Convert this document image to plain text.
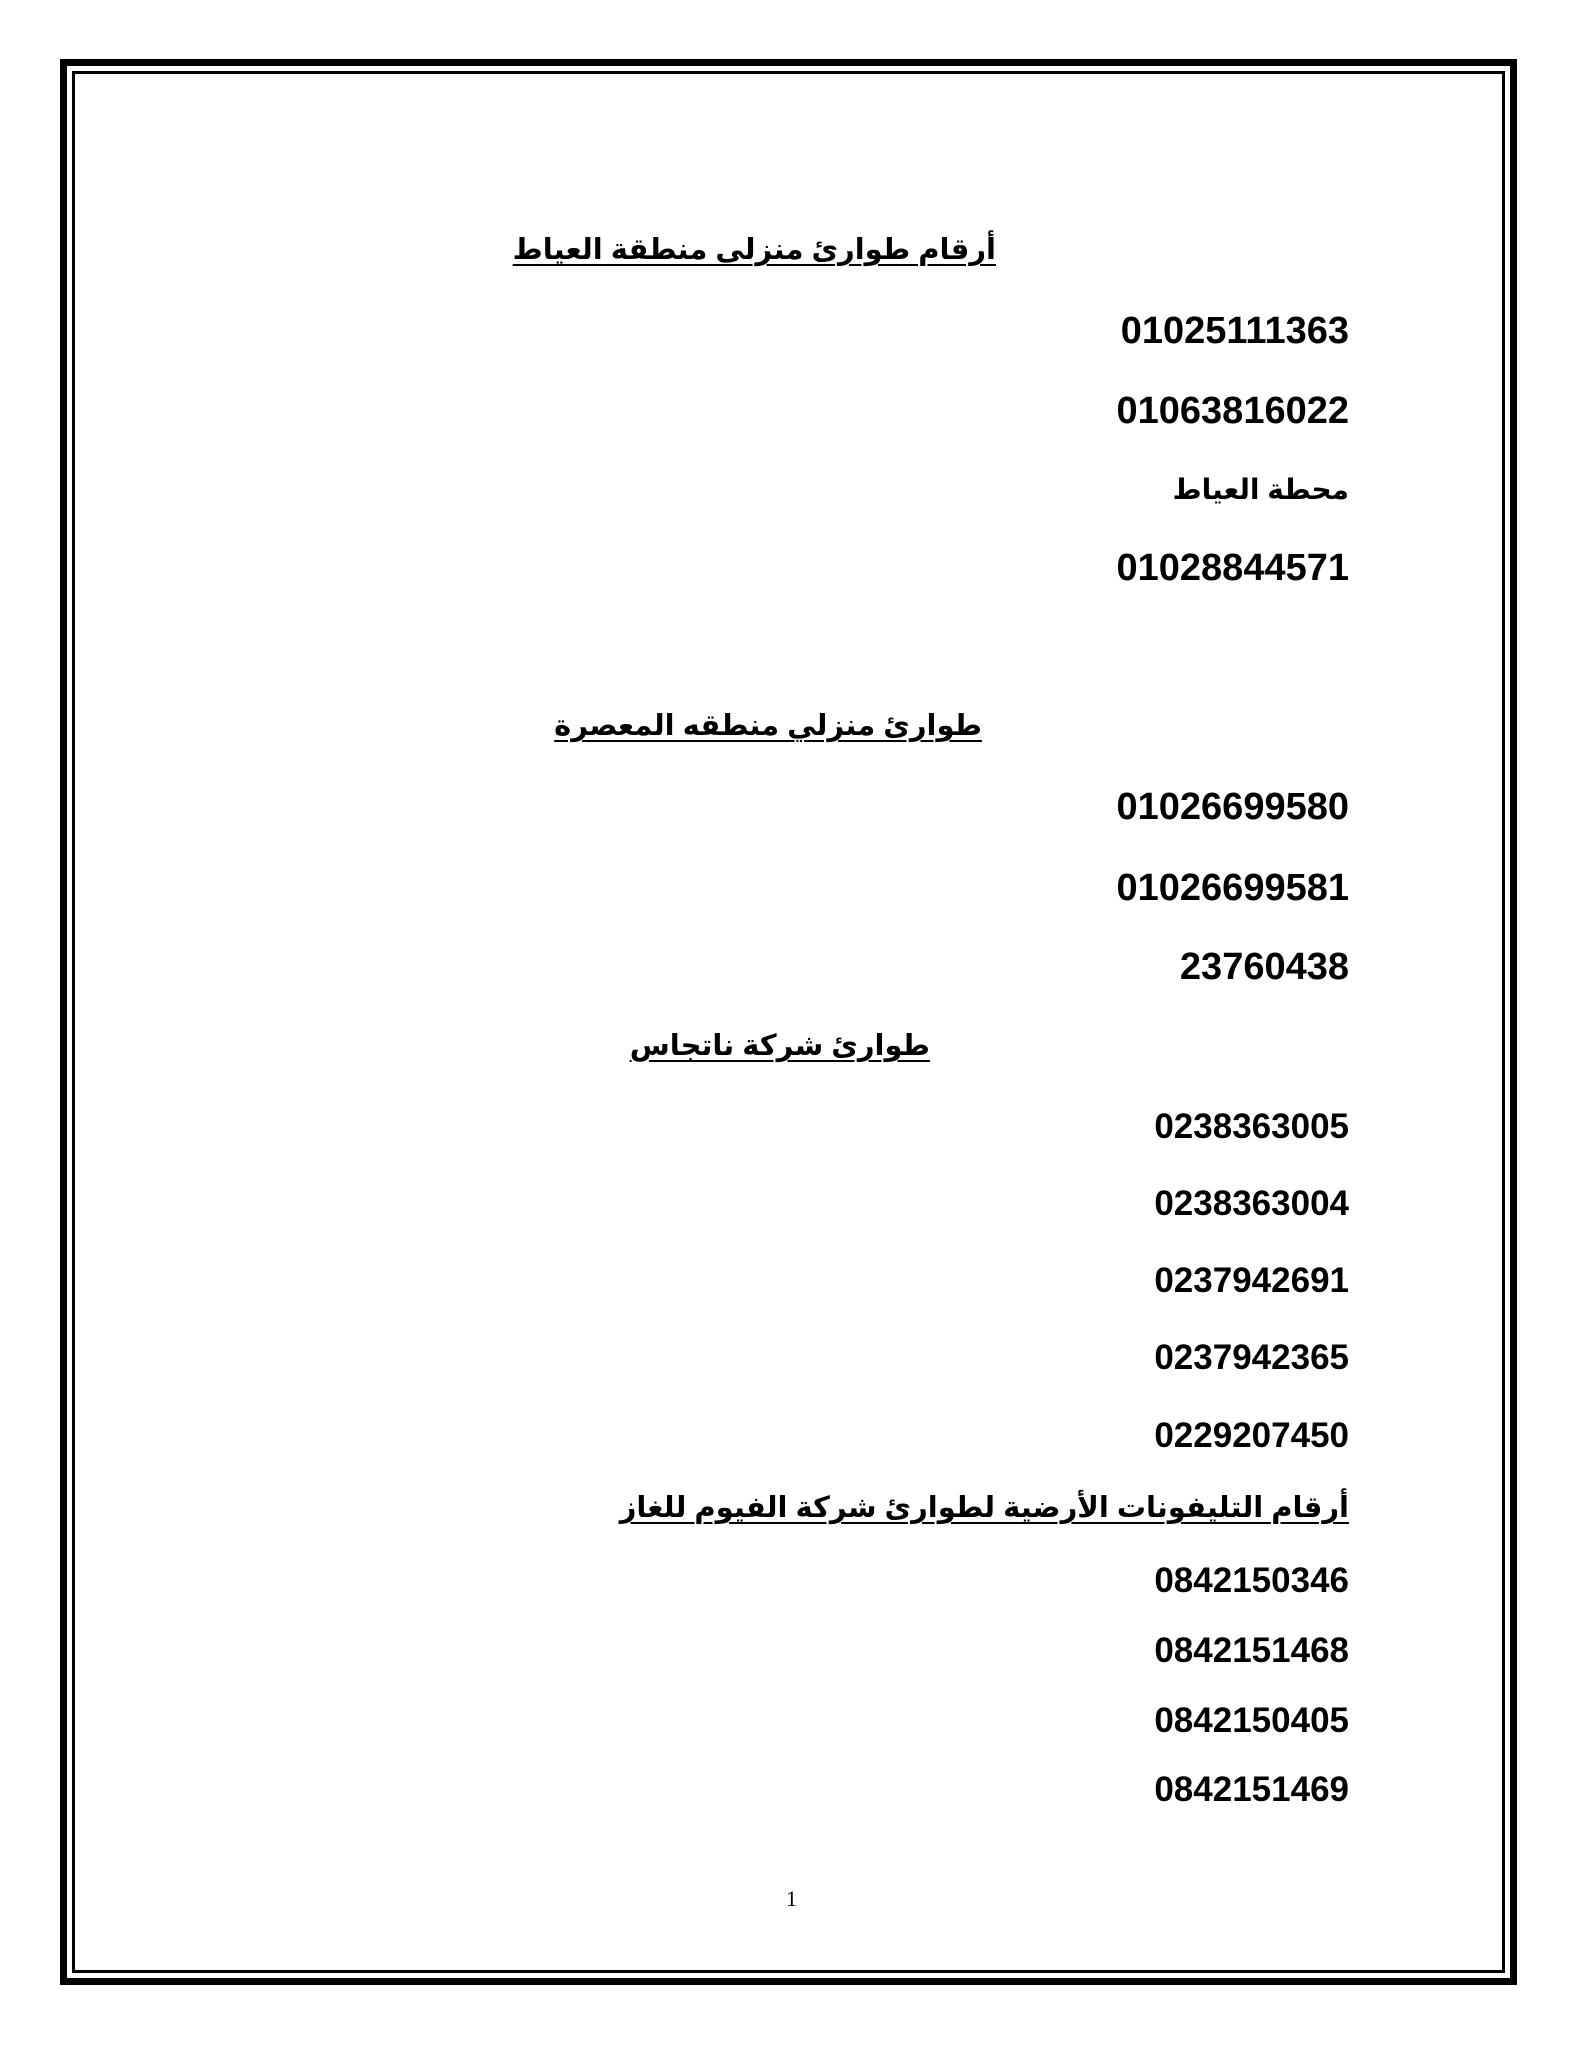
أرقام طوارئ منزلى منطقة العياط
01025111363
01063816022
محطة العياط
01028844571
طوارئ منزلي منطقه المعصرة
01026699580
01026699581
23760438
طوارئ شركة ناتجاس
0238363005
0238363004
0237942691
0237942365
0229207450
أرقام التليفونات الأرضية لطوارئ شركة الفيوم للغاز
0842150346
0842151468
0842150405
0842151469
1
